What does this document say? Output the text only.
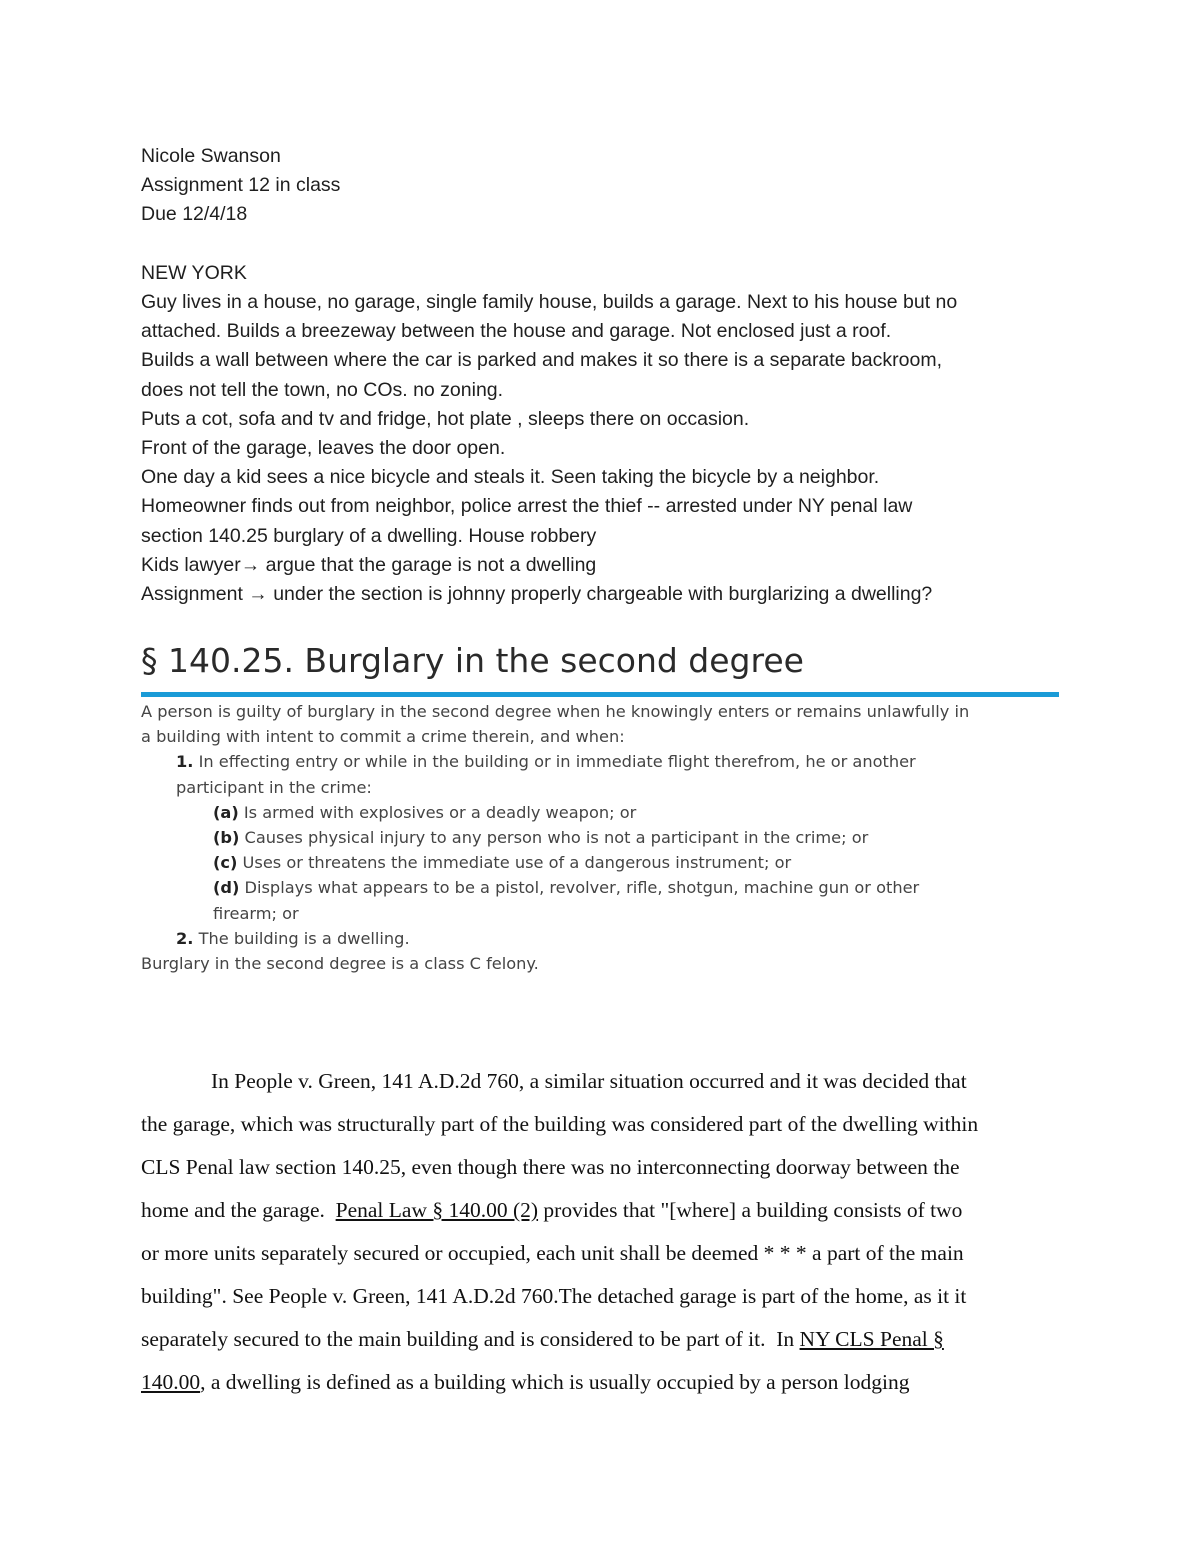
Nicole Swanson
Assignment 12 in class
Due 12/4/18
NEW YORK
Guy lives in a house, no garage, single family house, builds a garage. Next to his house but no
attached. Builds a breezeway between the house and garage. Not enclosed just a roof.
Builds a wall between where the car is parked and makes it so there is a separate backroom,
does not tell the town, no COs. no zoning.
Puts a cot, sofa and tv and fridge, hot plate , sleeps there on occasion.
Front of the garage, leaves the door open.
One day a kid sees a nice bicycle and steals it. Seen taking the bicycle by a neighbor.
Homeowner finds out from neighbor, police arrest the thief -- arrested under NY penal law
section 140.25 burglary of a dwelling. House robbery
Kids lawyer→ argue that the garage is not a dwelling
Assignment → under the section is johnny properly chargeable with burglarizing a dwelling?
§ 140.25. Burglary in the second degree
A person is guilty of burglary in the second degree when he knowingly enters or remains unlawfully in
a building with intent to commit a crime therein, and when:
1. In effecting entry or while in the building or in immediate flight therefrom, he or another
participant in the crime:
(a) Is armed with explosives or a deadly weapon; or
(b) Causes physical injury to any person who is not a participant in the crime; or
(c) Uses or threatens the immediate use of a dangerous instrument; or
(d) Displays what appears to be a pistol, revolver, rifle, shotgun, machine gun or other
firearm; or
2. The building is a dwelling.
Burglary in the second degree is a class C felony.
In People v. Green, 141 A.D.2d 760, a similar situation occurred and it was decided that
the garage, which was structurally part of the building was considered part of the dwelling within
CLS Penal law section 140.25, even though there was no interconnecting doorway between the
home and the garage.  Penal Law § 140.00 (2) provides that "[where] a building consists of two
or more units separately secured or occupied, each unit shall be deemed * * * a part of the main
building". See People v. Green, 141 A.D.2d 760.The detached garage is part of the home, as it it
separately secured to the main building and is considered to be part of it.  In NY CLS Penal §
140.00, a dwelling is defined as a building which is usually occupied by a person lodging
